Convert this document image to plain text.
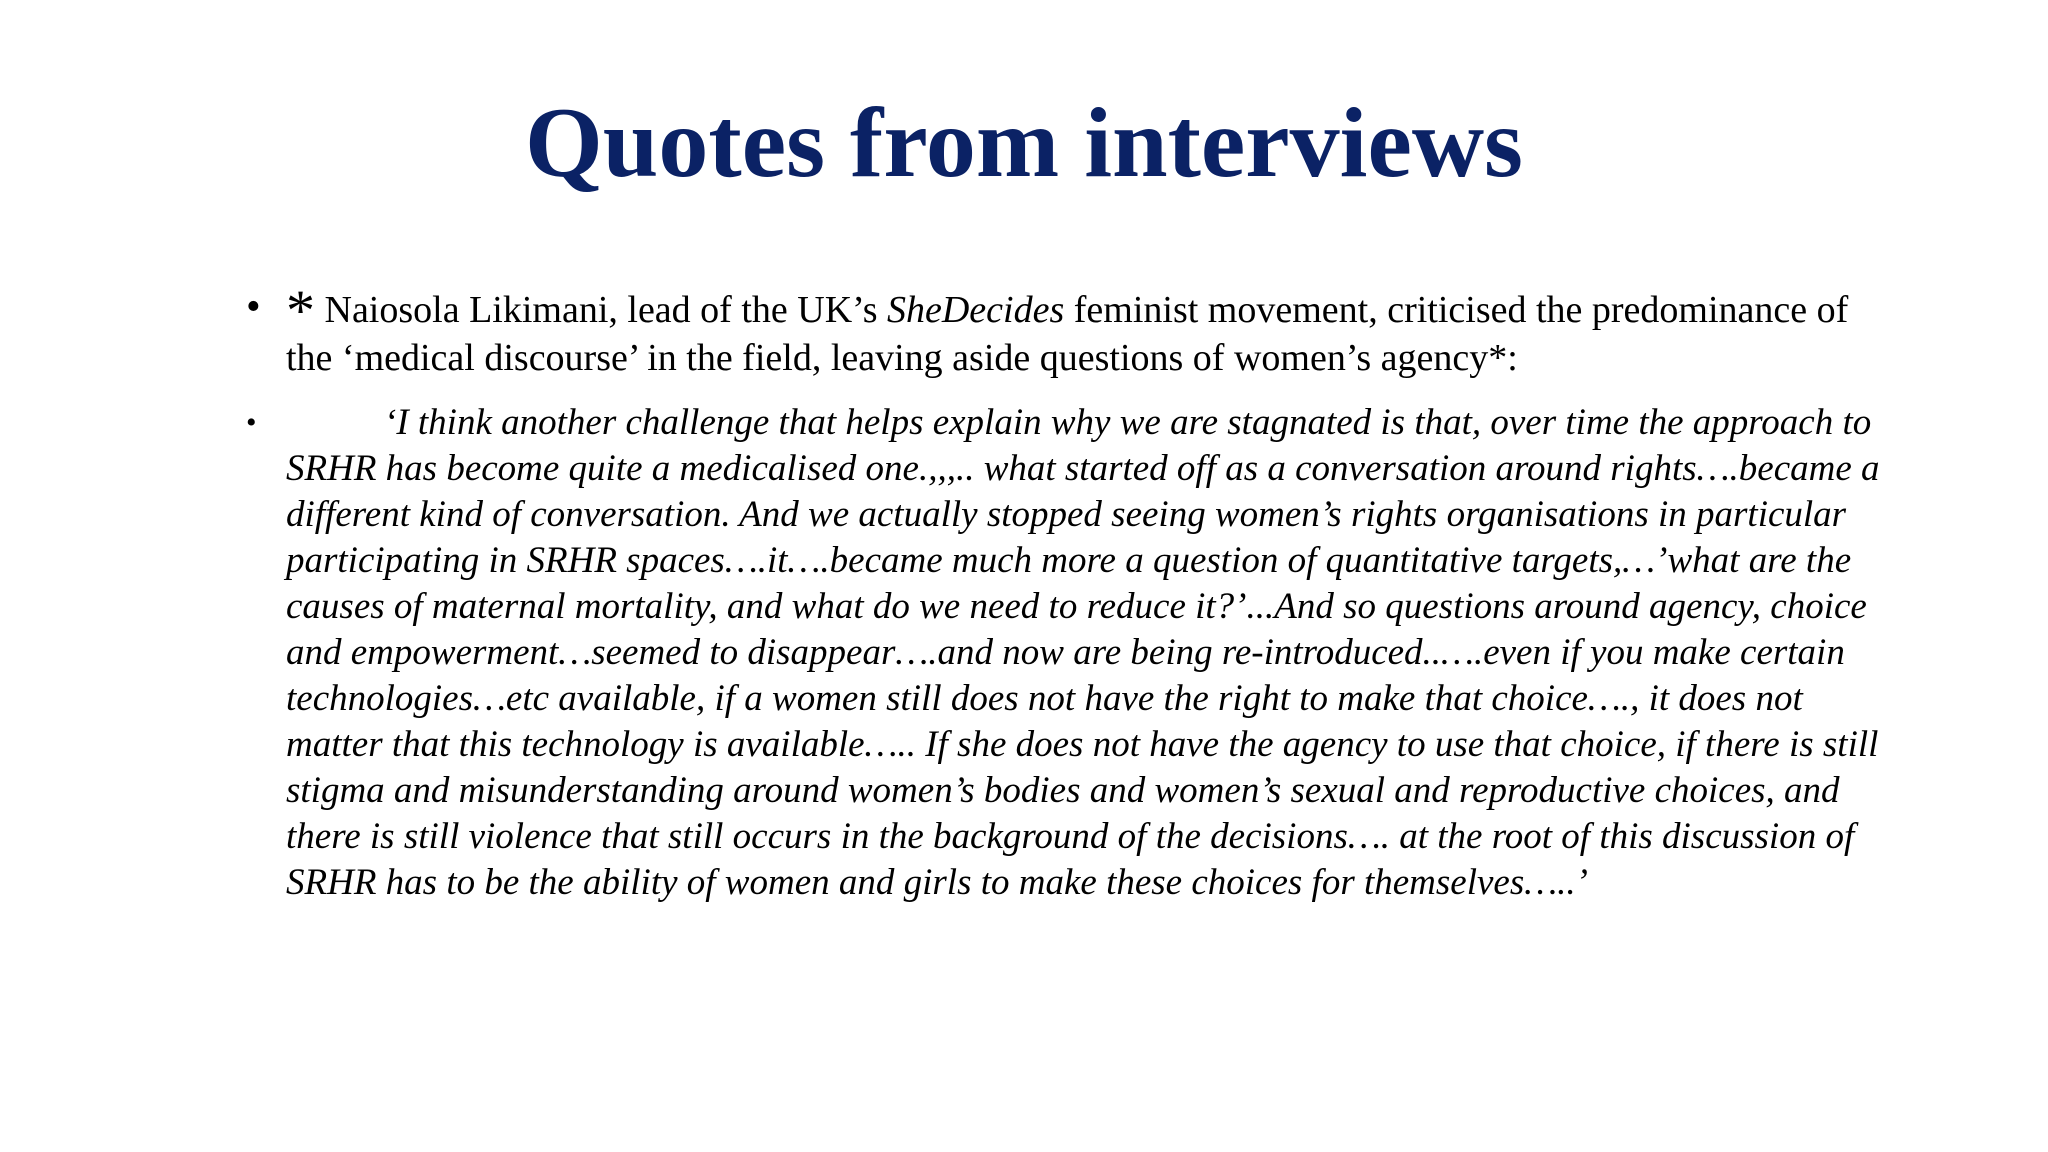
Quotes from interviews
• * Naiosola Likimani, lead of the UK’s SheDecides feminist movement, criticised the predominance of the ‘medical discourse’ in the field, leaving aside questions of women’s agency*:
•	‘I think another challenge that helps explain why we are stagnated is that, over time the approach to SRHR has become quite a medicalised one.,,,.. what started off as a conversation around rights….became a different kind of conversation. And we actually stopped seeing women’s rights organisations in particular participating in SRHR spaces….it….became much more a question of quantitative targets,…’what are the causes of maternal mortality, and what do we need to reduce it?’...And so questions around agency, choice and empowerment…seemed to disappear….and now are being re-introduced..….even if you make certain technologies…etc available, if a women still does not have the right to make that choice…., it does not matter that this technology is available….. If she does not have the agency to use that choice, if there is still stigma and misunderstanding around women’s bodies and women’s sexual and reproductive choices, and there is still violence that still occurs in the background of the decisions…. at the root of this discussion of SRHR has to be the ability of women and girls to make these choices for themselves…..’
